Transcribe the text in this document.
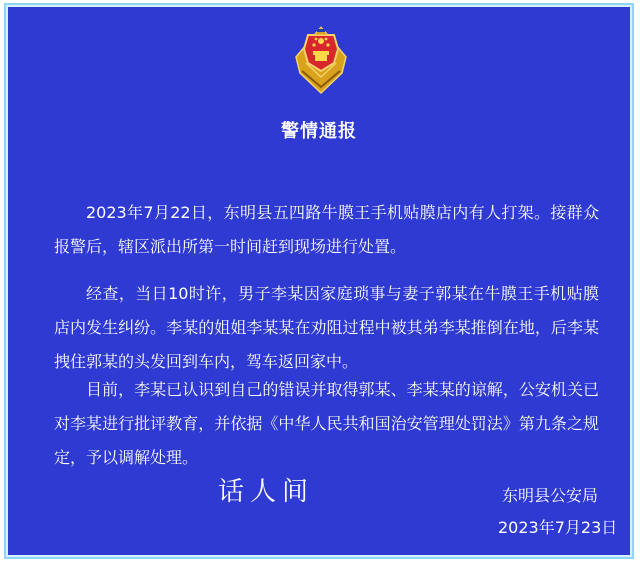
警情通报

2023年7月22日，东明县五四路牛膜王手机贴膜店内有人打架。接群众报警后，辖区派出所第一时间赶到现场进行处置。

经查，当日10时许，男子李某因家庭琐事与妻子郭某在牛膜王手机贴膜店内发生纠纷。李某的姐姐李某某在劝阻过程中被其弟李某推倒在地，后李某拽住郭某的头发回到车内，驾车返回家中。

目前，李某已认识到自己的错误并取得郭某、李某某的谅解，公安机关已对李某进行批评教育，并依据《中华人民共和国治安管理处罚法》第九条之规定，予以调解处理。

话人间	东明县公安局
2023年7月23日
